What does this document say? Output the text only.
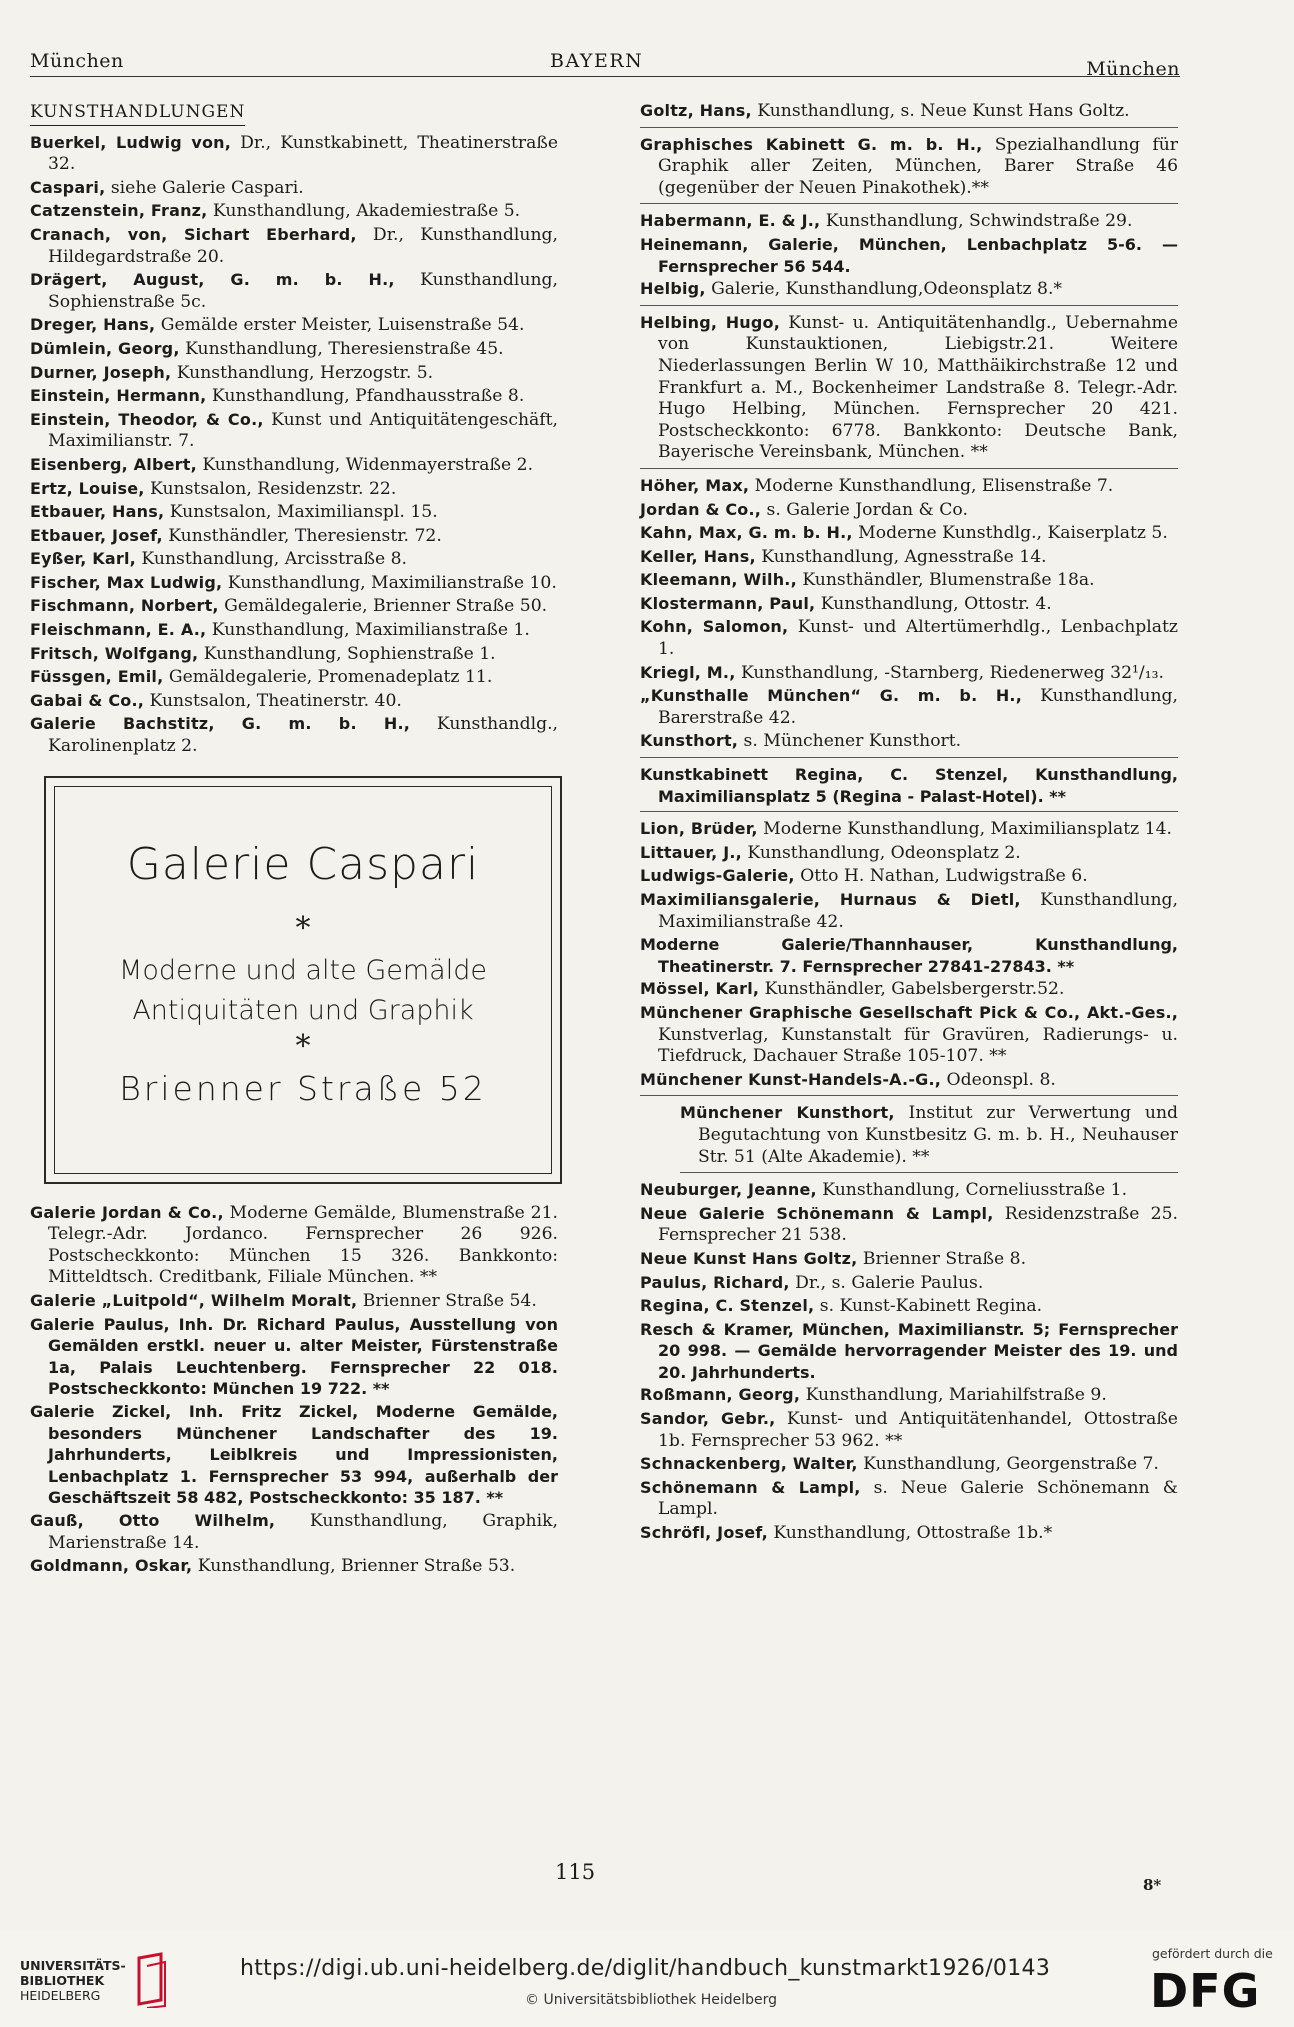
München	BAYERN	München
KUNSTHANDLUNGEN
Buerkel, Ludwig von, Dr., Kunstkabinett, Theatinerstraße 32.
Caspari, siehe Galerie Caspari.
Catzenstein, Franz, Kunsthandlung, Akademiestraße 5.
Cranach, von, Sichart Eberhard, Dr., Kunsthandlung, Hildegardstraße 20.
Drägert, August, G. m. b. H., Kunsthandlung, Sophienstraße 5c.
Dreger, Hans, Gemälde erster Meister, Luisenstraße 54.
Dümlein, Georg, Kunsthandlung, Theresienstraße 45.
Durner, Joseph, Kunsthandlung, Herzogstr. 5.
Einstein, Hermann, Kunsthandlung, Pfandhausstraße 8.
Einstein, Theodor, & Co., Kunst und Antiquitätengeschäft, Maximilianstr. 7.
Eisenberg, Albert, Kunsthandlung, Widenmayerstraße 2.
Ertz, Louise, Kunstsalon, Residenzstr. 22.
Etbauer, Hans, Kunstsalon, Maximilianspl. 15.
Etbauer, Josef, Kunsthändler, Theresienstr. 72.
Eyßer, Karl, Kunsthandlung, Arcisstraße 8.
Fischer, Max Ludwig, Kunsthandlung, Maximilianstraße 10.
Fischmann, Norbert, Gemäldegalerie, Brienner Straße 50.
Fleischmann, E. A., Kunsthandlung, Maximilianstraße 1.
Fritsch, Wolfgang, Kunsthandlung, Sophienstraße 1.
Füssgen, Emil, Gemäldegalerie, Promenadeplatz 11.
Gabai & Co., Kunstsalon, Theatinerstr. 40.
Galerie Bachstitz, G. m. b. H., Kunsthandlg., Karolinenplatz 2.
Galerie Caspari
*
Moderne und alte Gemälde
Antiquitäten und Graphik
*
Brienner Straße 52
Galerie Jordan & Co., Moderne Gemälde, Blumenstraße 21. Telegr.-Adr. Jordanco. Fernsprecher 26 926. Postscheckkonto: München 15 326. Bankkonto: Mitteldtsch. Creditbank, Filiale München. **
Galerie „Luitpold“, Wilhelm Moralt, Brienner Straße 54.
Galerie Paulus, Inh. Dr. Richard Paulus, Ausstellung von Gemälden erstkl. neuer u. alter Meister, Fürstenstraße 1a, Palais Leuchtenberg. Fernsprecher 22 018. Postscheckkonto: München 19 722. **
Galerie Zickel, Inh. Fritz Zickel, Moderne Gemälde, besonders Münchener Landschafter des 19. Jahrhunderts, Leiblkreis und Impressionisten, Lenbachplatz 1. Fernsprecher 53 994, außerhalb der Geschäftszeit 58 482, Postscheckkonto: 35 187. **
Gauß, Otto Wilhelm, Kunsthandlung, Graphik, Marienstraße 14.
Goldmann, Oskar, Kunsthandlung, Brienner Straße 53.
Goltz, Hans, Kunsthandlung, s. Neue Kunst Hans Goltz.
Graphisches Kabinett G. m. b. H., Spezialhandlung für Graphik aller Zeiten, München, Barer Straße 46 (gegenüber der Neuen Pinakothek).**
Habermann, E. & J., Kunsthandlung, Schwindstraße 29.
Heinemann, Galerie, München, Lenbachplatz 5-6. — Fernsprecher 56 544.
Helbig, Galerie, Kunsthandlung,Odeonsplatz 8.*
Helbing, Hugo, Kunst- u. Antiquitätenhandlg., Uebernahme von Kunstauktionen, Liebigstr.21. Weitere Niederlassungen Berlin W 10, Matthäikirchstraße 12 und Frankfurt a. M., Bockenheimer Landstraße 8. Telegr.-Adr. Hugo Helbing, München. Fernsprecher 20 421. Postscheckkonto: 6778. Bankkonto: Deutsche Bank, Bayerische Vereinsbank, München. **
Höher, Max, Moderne Kunsthandlung, Elisenstraße 7.
Jordan & Co., s. Galerie Jordan & Co.
Kahn, Max, G. m. b. H., Moderne Kunsthdlg., Kaiserplatz 5.
Keller, Hans, Kunsthandlung, Agnesstraße 14.
Kleemann, Wilh., Kunsthändler, Blumenstraße 18a.
Klostermann, Paul, Kunsthandlung, Ottostr. 4.
Kohn, Salomon, Kunst- und Altertümerhdlg., Lenbachplatz 1.
Kriegl, M., Kunsthandlung, -Starnberg, Riedenerweg 32¹/₁₃.
„Kunsthalle München“ G. m. b. H., Kunsthandlung, Barerstraße 42.
Kunsthort, s. Münchener Kunsthort.
Kunstkabinett Regina, C. Stenzel, Kunsthandlung, Maximiliansplatz 5 (Regina - Palast-Hotel). **
Lion, Brüder, Moderne Kunsthandlung, Maximiliansplatz 14.
Littauer, J., Kunsthandlung, Odeonsplatz 2.
Ludwigs-Galerie, Otto H. Nathan, Ludwigstraße 6.
Maximiliansgalerie, Hurnaus & Dietl, Kunsthandlung, Maximilianstraße 42.
Moderne Galerie/Thannhauser, Kunsthandlung, Theatinerstr. 7. Fernsprecher 27841-27843. **
Mössel, Karl, Kunsthändler, Gabelsbergerstr.52.
Münchener Graphische Gesellschaft Pick & Co., Akt.-Ges., Kunstverlag, Kunstanstalt für Gravüren, Radierungs- u. Tiefdruck, Dachauer Straße 105-107. **
Münchener Kunst-Handels-A.-G., Odeonspl. 8.
Münchener Kunsthort, Institut zur Verwertung und Begutachtung von Kunstbesitz G. m. b. H., Neuhauser Str. 51 (Alte Akademie). **
Neuburger, Jeanne, Kunsthandlung, Corneliusstraße 1.
Neue Galerie Schönemann & Lampl, Residenzstraße 25. Fernsprecher 21 538.
Neue Kunst Hans Goltz, Brienner Straße 8.
Paulus, Richard, Dr., s. Galerie Paulus.
Regina, C. Stenzel, s. Kunst-Kabinett Regina.
Resch & Kramer, München, Maximilianstr. 5; Fernsprecher 20 998. — Gemälde hervorragender Meister des 19. und 20. Jahrhunderts.
Roßmann, Georg, Kunsthandlung, Mariahilfstraße 9.
Sandor, Gebr., Kunst- und Antiquitätenhandel, Ottostraße 1b. Fernsprecher 53 962. **
Schnackenberg, Walter, Kunsthandlung, Georgenstraße 7.
Schönemann & Lampl, s. Neue Galerie Schönemann & Lampl.
Schröfl, Josef, Kunsthandlung, Ottostraße 1b.*
115
8*
UNIVERSITÄTS-
BIBLIOTHEK
HEIDELBERG
https://digi.ub.uni-heidelberg.de/diglit/handbuch_kunstmarkt1926/0143
© Universitätsbibliothek Heidelberg
gefördert durch die
DFG
